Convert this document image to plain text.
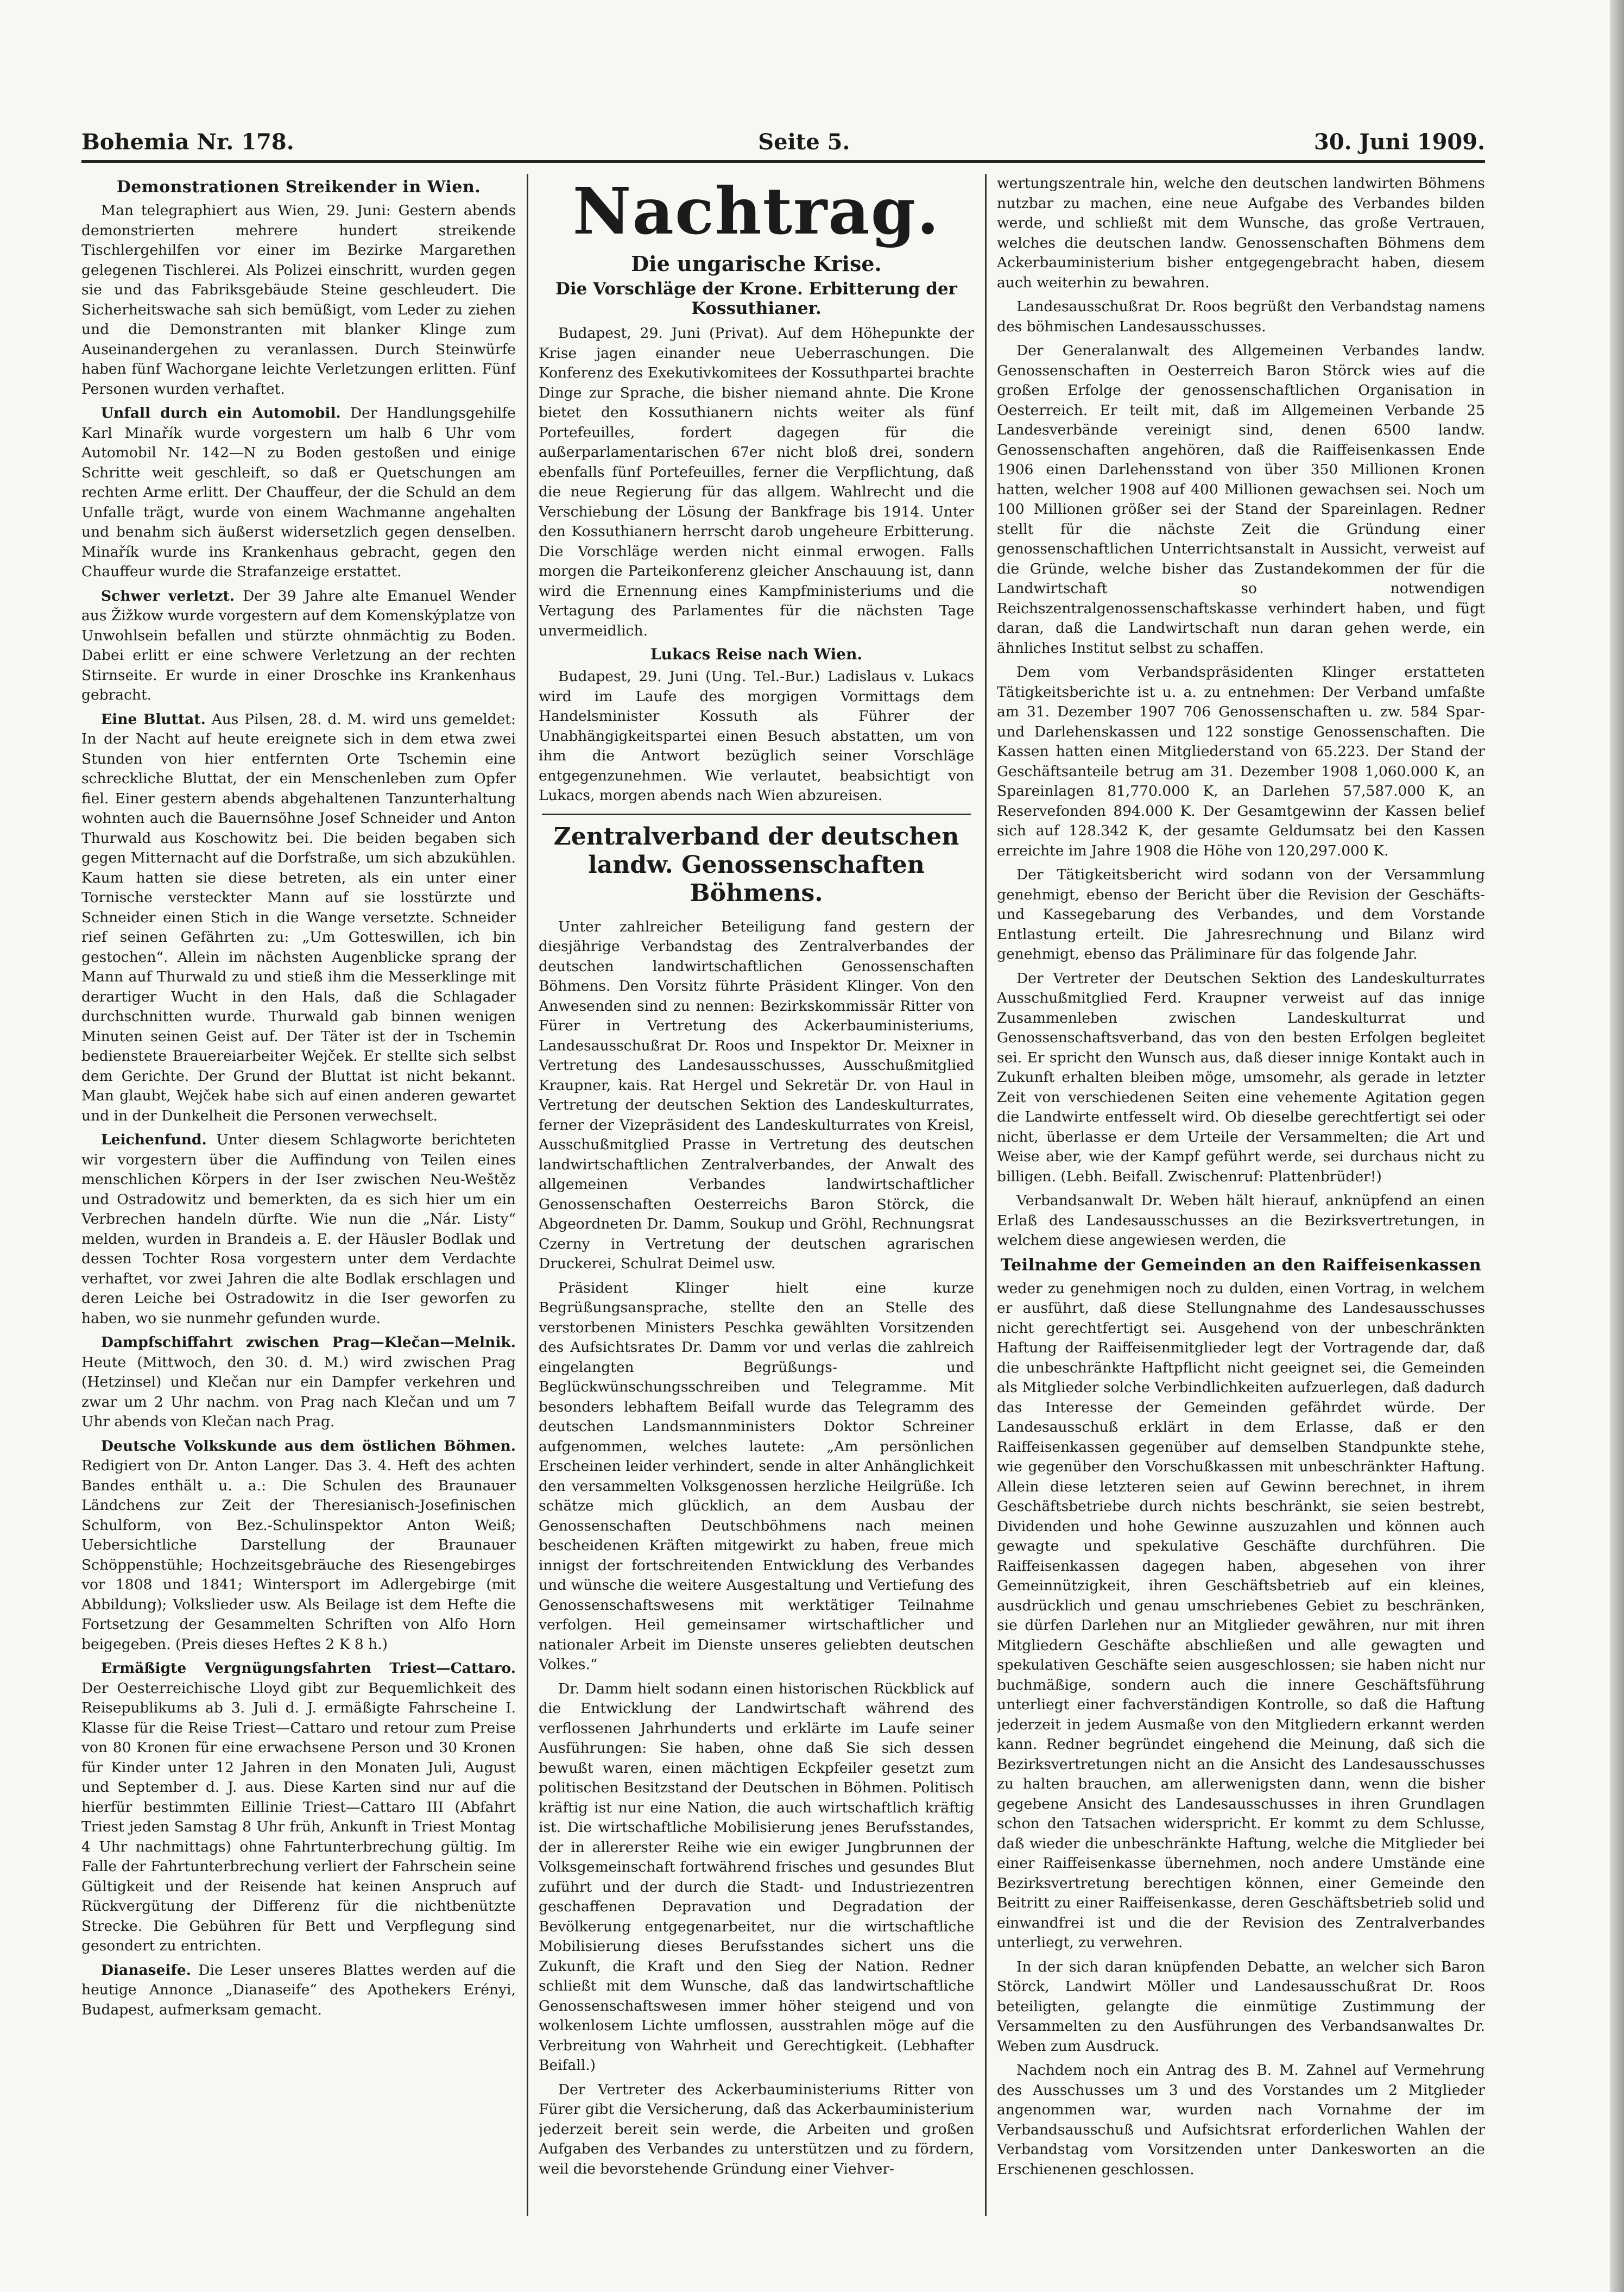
Bohemia Nr. 178.	Seite 5.	30. Juni 1909.
Demonstrationen Streikender in Wien.

Man telegraphiert aus Wien, 29. Juni: Gestern abends demonstrierten mehrere hundert streikende Tischlergehilfen vor einer im Bezirke Margarethen gelegenen Tischlerei. Als Polizei einschritt, wurden gegen sie und das Fabriksgebäude Steine geschleudert. Die Sicherheitswache sah sich bemüßigt, vom Leder zu ziehen und die Demonstranten mit blanker Klinge zum Auseinandergehen zu veranlassen. Durch Steinwürfe haben fünf Wachorgane leichte Verletzungen erlitten. Fünf Personen wurden verhaftet.

Unfall durch ein Automobil. Der Handlungsgehilfe Karl Minařík wurde vorgestern um halb 6 Uhr vom Automobil Nr. 142—N zu Boden gestoßen und einige Schritte weit geschleift, so daß er Quetschungen am rechten Arme erlitt. Der Chauffeur, der die Schuld an dem Unfalle trägt, wurde von einem Wachmanne angehalten und benahm sich äußerst widersetzlich gegen denselben. Minařík wurde ins Krankenhaus gebracht, gegen den Chauffeur wurde die Strafanzeige erstattet.

Schwer verletzt. Der 39 Jahre alte Emanuel Wender aus Žižkow wurde vorgestern auf dem Komenskýplatze von Unwohlsein befallen und stürzte ohnmächtig zu Boden. Dabei erlitt er eine schwere Verletzung an der rechten Stirnseite. Er wurde in einer Droschke ins Krankenhaus gebracht.

Eine Bluttat. Aus Pilsen, 28. d. M. wird uns gemeldet: In der Nacht auf heute ereignete sich in dem etwa zwei Stunden von hier entfernten Orte Tschemin eine schreckliche Bluttat, der ein Menschenleben zum Opfer fiel. Einer gestern abends abgehaltenen Tanzunterhaltung wohnten auch die Bauernsöhne Josef Schneider und Anton Thurwald aus Koschowitz bei. Die beiden begaben sich gegen Mitternacht auf die Dorfstraße, um sich abzukühlen. Kaum hatten sie diese betreten, als ein unter einer Tornische versteckter Mann auf sie losstürzte und Schneider einen Stich in die Wange versetzte. Schneider rief seinen Gefährten zu: „Um Gotteswillen, ich bin gestochen“. Allein im nächsten Augenblicke sprang der Mann auf Thurwald zu und stieß ihm die Messerklinge mit derartiger Wucht in den Hals, daß die Schlagader durchschnitten wurde. Thurwald gab binnen wenigen Minuten seinen Geist auf. Der Täter ist der in Tschemin bedienstete Brauereiarbeiter Wejček. Er stellte sich selbst dem Gerichte. Der Grund der Bluttat ist nicht bekannt. Man glaubt, Wejček habe sich auf einen anderen gewartet und in der Dunkelheit die Personen verwechselt.

Leichenfund. Unter diesem Schlagworte berichteten wir vorgestern über die Auffindung von Teilen eines menschlichen Körpers in der Iser zwischen Neu-Weštěz und Ostradowitz und bemerkten, da es sich hier um ein Verbrechen handeln dürfte. Wie nun die „Nár. Listy“ melden, wurden in Brandeis a. E. der Häusler Bodlak und dessen Tochter Rosa vorgestern unter dem Verdachte verhaftet, vor zwei Jahren die alte Bodlak erschlagen und deren Leiche bei Ostradowitz in die Iser geworfen zu haben, wo sie nunmehr gefunden wurde.

Dampfschiffahrt zwischen Prag—Klečan—Melnik. Heute (Mittwoch, den 30. d. M.) wird zwischen Prag (Hetzinsel) und Klečan nur ein Dampfer verkehren und zwar um 2 Uhr nachm. von Prag nach Klečan und um 7 Uhr abends von Klečan nach Prag.

Deutsche Volkskunde aus dem östlichen Böhmen. Redigiert von Dr. Anton Langer. Das 3. 4. Heft des achten Bandes enthält u. a.: Die Schulen des Braunauer Ländchens zur Zeit der Theresianisch-Josefinischen Schulform, von Bez.-Schulinspektor Anton Weiß; Uebersichtliche Darstellung der Braunauer Schöppenstühle; Hochzeitsgebräuche des Riesengebirges vor 1808 und 1841; Wintersport im Adlergebirge (mit Abbildung); Volkslieder usw. Als Beilage ist dem Hefte die Fortsetzung der Gesammelten Schriften von Alfo Horn beigegeben. (Preis dieses Heftes 2 K 8 h.)

Ermäßigte Vergnügungsfahrten Triest—Cattaro. Der Oesterreichische Lloyd gibt zur Bequemlichkeit des Reisepublikums ab 3. Juli d. J. ermäßigte Fahrscheine I. Klasse für die Reise Triest—Cattaro und retour zum Preise von 80 Kronen für eine erwachsene Person und 30 Kronen für Kinder unter 12 Jahren in den Monaten Juli, August und September d. J. aus. Diese Karten sind nur auf die hierfür bestimmten Eillinie Triest—Cattaro III (Abfahrt Triest jeden Samstag 8 Uhr früh, Ankunft in Triest Montag 4 Uhr nachmittags) ohne Fahrtunterbrechung gültig. Im Falle der Fahrtunterbrechung verliert der Fahrschein seine Gültigkeit und der Reisende hat keinen Anspruch auf Rückvergütung der Differenz für die nichtbenützte Strecke. Die Gebühren für Bett und Verpflegung sind gesondert zu entrichten.

Dianaseife. Die Leser unseres Blattes werden auf die heutige Annonce „Dianaseife“ des Apothekers Erényi, Budapest, aufmerksam gemacht.

Nachtrag.
Die ungarische Krise.
Die Vorschläge der Krone. Erbitterung der Kossuthianer.

Budapest, 29. Juni (Privat). Auf dem Höhepunkte der Krise jagen einander neue Ueberraschungen. Die Konferenz des Exekutivkomitees der Kossuthpartei brachte Dinge zur Sprache, die bisher niemand ahnte. Die Krone bietet den Kossuthianern nichts weiter als fünf Portefeuilles, fordert dagegen für die außerparlamentarischen 67er nicht bloß drei, sondern ebenfalls fünf Portefeuilles, ferner die Verpflichtung, daß die neue Regierung für das allgem. Wahlrecht und die Verschiebung der Lösung der Bankfrage bis 1914. Unter den Kossuthianern herrscht darob ungeheure Erbitterung. Die Vorschläge werden nicht einmal erwogen. Falls morgen die Parteikonferenz gleicher Anschauung ist, dann wird die Ernennung eines Kampfministeriums und die Vertagung des Parlamentes für die nächsten Tage unvermeidlich.

Lukacs Reise nach Wien.

Budapest, 29. Juni (Ung. Tel.-Bur.) Ladislaus v. Lukacs wird im Laufe des morgigen Vormittags dem Handelsminister Kossuth als Führer der Unabhängigkeitspartei einen Besuch abstatten, um von ihm die Antwort bezüglich seiner Vorschläge entgegenzunehmen. Wie verlautet, beabsichtigt von Lukacs, morgen abends nach Wien abzureisen.

Zentralverband der deutschen landw. Genossenschaften Böhmens.

Unter zahlreicher Beteiligung fand gestern der diesjährige Verbandstag des Zentralverbandes der deutschen landwirtschaftlichen Genossenschaften Böhmens. Den Vorsitz führte Präsident Klinger. Von den Anwesenden sind zu nennen: Bezirkskommissär Ritter von Fürer in Vertretung des Ackerbauministeriums, Landesausschußrat Dr. Roos und Inspektor Dr. Meixner in Vertretung des Landesausschusses, Ausschußmitglied Kraupner, kais. Rat Hergel und Sekretär Dr. von Haul in Vertretung der deutschen Sektion des Landeskulturrates, ferner der Vizepräsident des Landeskulturrates von Kreisl, Ausschußmitglied Prasse in Vertretung des deutschen landwirtschaftlichen Zentralverbandes, der Anwalt des allgemeinen Verbandes landwirtschaftlicher Genossenschaften Oesterreichs Baron Störck, die Abgeordneten Dr. Damm, Soukup und Gröhl, Rechnungsrat Czerny in Vertretung der deutschen agrarischen Druckerei, Schulrat Deimel usw.

Präsident Klinger hielt eine kurze Begrüßungsansprache, stellte den an Stelle des verstorbenen Ministers Peschka gewählten Vorsitzenden des Aufsichtsrates Dr. Damm vor und verlas die zahlreich eingelangten Begrüßungs- und Beglückwünschungsschreiben und Telegramme. Mit besonders lebhaftem Beifall wurde das Telegramm des deutschen Landsmannministers Doktor Schreiner aufgenommen, welches lautete: „Am persönlichen Erscheinen leider verhindert, sende in alter Anhänglichkeit den versammelten Volksgenossen herzliche Heilgrüße. Ich schätze mich glücklich, an dem Ausbau der Genossenschaften Deutschböhmens nach meinen bescheidenen Kräften mitgewirkt zu haben, freue mich innigst der fortschreitenden Entwicklung des Verbandes und wünsche die weitere Ausgestaltung und Vertiefung des Genossenschaftswesens mit werktätiger Teilnahme verfolgen. Heil gemeinsamer wirtschaftlicher und nationaler Arbeit im Dienste unseres geliebten deutschen Volkes.“

Dr. Damm hielt sodann einen historischen Rückblick auf die Entwicklung der Landwirtschaft während des verflossenen Jahrhunderts und erklärte im Laufe seiner Ausführungen: Sie haben, ohne daß Sie sich dessen bewußt waren, einen mächtigen Eckpfeiler gesetzt zum politischen Besitzstand der Deutschen in Böhmen. Politisch kräftig ist nur eine Nation, die auch wirtschaftlich kräftig ist. Die wirtschaftliche Mobilisierung jenes Berufsstandes, der in allererster Reihe wie ein ewiger Jungbrunnen der Volksgemeinschaft fortwährend frisches und gesundes Blut zuführt und der durch die Stadt- und Industriezentren geschaffenen Depravation und Degradation der Bevölkerung entgegenarbeitet, nur die wirtschaftliche Mobilisierung dieses Berufsstandes sichert uns die Zukunft, die Kraft und den Sieg der Nation. Redner schließt mit dem Wunsche, daß das landwirtschaftliche Genossenschaftswesen immer höher steigend und von wolkenlosem Lichte umflossen, ausstrahlen möge auf die Verbreitung von Wahrheit und Gerechtigkeit. (Lebhafter Beifall.)

Der Vertreter des Ackerbauministeriums Ritter von Fürer gibt die Versicherung, daß das Ackerbauministerium jederzeit bereit sein werde, die Arbeiten und großen Aufgaben des Verbandes zu unterstützen und zu fördern, weil die bevorstehende Gründung einer Viehver-

wertungszentrale hin, welche den deutschen landwirten Böhmens nutzbar zu machen, eine neue Aufgabe des Verbandes bilden werde, und schließt mit dem Wunsche, das große Vertrauen, welches die deutschen landw. Genossenschaften Böhmens dem Ackerbauministerium bisher entgegengebracht haben, diesem auch weiterhin zu bewahren.

Landesausschußrat Dr. Roos begrüßt den Verbandstag namens des böhmischen Landesausschusses.

Der Generalanwalt des Allgemeinen Verbandes landw. Genossenschaften in Oesterreich Baron Störck wies auf die großen Erfolge der genossenschaftlichen Organisation in Oesterreich. Er teilt mit, daß im Allgemeinen Verbande 25 Landesverbände vereinigt sind, denen 6500 landw. Genossenschaften angehören, daß die Raiffeisenkassen Ende 1906 einen Darlehensstand von über 350 Millionen Kronen hatten, welcher 1908 auf 400 Millionen gewachsen sei. Noch um 100 Millionen größer sei der Stand der Spareinlagen. Redner stellt für die nächste Zeit die Gründung einer genossenschaftlichen Unterrichtsanstalt in Aussicht, verweist auf die Gründe, welche bisher das Zustandekommen der für die Landwirtschaft so notwendigen Reichszentralgenossenschaftskasse verhindert haben, und fügt daran, daß die Landwirtschaft nun daran gehen werde, ein ähnliches Institut selbst zu schaffen.

Dem vom Verbandspräsidenten Klinger erstatteten Tätigkeitsberichte ist u. a. zu entnehmen: Der Verband umfaßte am 31. Dezember 1907 706 Genossenschaften u. zw. 584 Spar- und Darlehenskassen und 122 sonstige Genossenschaften. Die Kassen hatten einen Mitgliederstand von 65.223. Der Stand der Geschäftsanteile betrug am 31. Dezember 1908 1,060.000 K, an Spareinlagen 81,770.000 K, an Darlehen 57,587.000 K, an Reservefonden 894.000 K. Der Gesamtgewinn der Kassen belief sich auf 128.342 K, der gesamte Geldumsatz bei den Kassen erreichte im Jahre 1908 die Höhe von 120,297.000 K.

Der Tätigkeitsbericht wird sodann von der Versammlung genehmigt, ebenso der Bericht über die Revision der Geschäfts- und Kassegebarung des Verbandes, und dem Vorstande Entlastung erteilt. Die Jahresrechnung und Bilanz wird genehmigt, ebenso das Präliminare für das folgende Jahr.

Der Vertreter der Deutschen Sektion des Landeskulturrates Ausschußmitglied Ferd. Kraupner verweist auf das innige Zusammenleben zwischen Landeskulturrat und Genossenschaftsverband, das von den besten Erfolgen begleitet sei. Er spricht den Wunsch aus, daß dieser innige Kontakt auch in Zukunft erhalten bleiben möge, umsomehr, als gerade in letzter Zeit von verschiedenen Seiten eine vehemente Agitation gegen die Landwirte entfesselt wird. Ob dieselbe gerechtfertigt sei oder nicht, überlasse er dem Urteile der Versammelten; die Art und Weise aber, wie der Kampf geführt werde, sei durchaus nicht zu billigen. (Lebh. Beifall. Zwischenruf: Plattenbrüder!)

Verbandsanwalt Dr. Weben hält hierauf, anknüpfend an einen Erlaß des Landesausschusses an die Bezirksvertretungen, in welchem diese angewiesen werden, die

Teilnahme der Gemeinden an den Raiffeisenkassen

weder zu genehmigen noch zu dulden, einen Vortrag, in welchem er ausführt, daß diese Stellungnahme des Landesausschusses nicht gerechtfertigt sei. Ausgehend von der unbeschränkten Haftung der Raiffeisenmitglieder legt der Vortragende dar, daß die unbeschränkte Haftpflicht nicht geeignet sei, die Gemeinden als Mitglieder solche Verbindlichkeiten aufzuerlegen, daß dadurch das Interesse der Gemeinden gefährdet würde. Der Landesausschuß erklärt in dem Erlasse, daß er den Raiffeisenkassen gegenüber auf demselben Standpunkte stehe, wie gegenüber den Vorschußkassen mit unbeschränkter Haftung. Allein diese letzteren seien auf Gewinn berechnet, in ihrem Geschäftsbetriebe durch nichts beschränkt, sie seien bestrebt, Dividenden und hohe Gewinne auszuzahlen und können auch gewagte und spekulative Geschäfte durchführen. Die Raiffeisenkassen dagegen haben, abgesehen von ihrer Gemeinnützigkeit, ihren Geschäftsbetrieb auf ein kleines, ausdrücklich und genau umschriebenes Gebiet zu beschränken, sie dürfen Darlehen nur an Mitglieder gewähren, nur mit ihren Mitgliedern Geschäfte abschließen und alle gewagten und spekulativen Geschäfte seien ausgeschlossen; sie haben nicht nur buchmäßige, sondern auch die innere Geschäftsführung unterliegt einer fachverständigen Kontrolle, so daß die Haftung jederzeit in jedem Ausmaße von den Mitgliedern erkannt werden kann. Redner begründet eingehend die Meinung, daß sich die Bezirksvertretungen nicht an die Ansicht des Landesausschusses zu halten brauchen, am allerwenigsten dann, wenn die bisher gegebene Ansicht des Landesausschusses in ihren Grundlagen schon den Tatsachen widerspricht. Er kommt zu dem Schlusse, daß wieder die unbeschränkte Haftung, welche die Mitglieder bei einer Raiffeisenkasse übernehmen, noch andere Umstände eine Bezirksvertretung berechtigen können, einer Gemeinde den Beitritt zu einer Raiffeisenkasse, deren Geschäftsbetrieb solid und einwandfrei ist und die der Revision des Zentralverbandes unterliegt, zu verwehren.

In der sich daran knüpfenden Debatte, an welcher sich Baron Störck, Landwirt Möller und Landesausschußrat Dr. Roos beteiligten, gelangte die einmütige Zustimmung der Versammelten zu den Ausführungen des Verbandsanwaltes Dr. Weben zum Ausdruck.

Nachdem noch ein Antrag des B. M. Zahnel auf Vermehrung des Ausschusses um 3 und des Vorstandes um 2 Mitglieder angenommen war, wurden nach Vornahme der im Verbandsausschuß und Aufsichtsrat erforderlichen Wahlen der Verbandstag vom Vorsitzenden unter Dankesworten an die Erschienenen geschlossen.
